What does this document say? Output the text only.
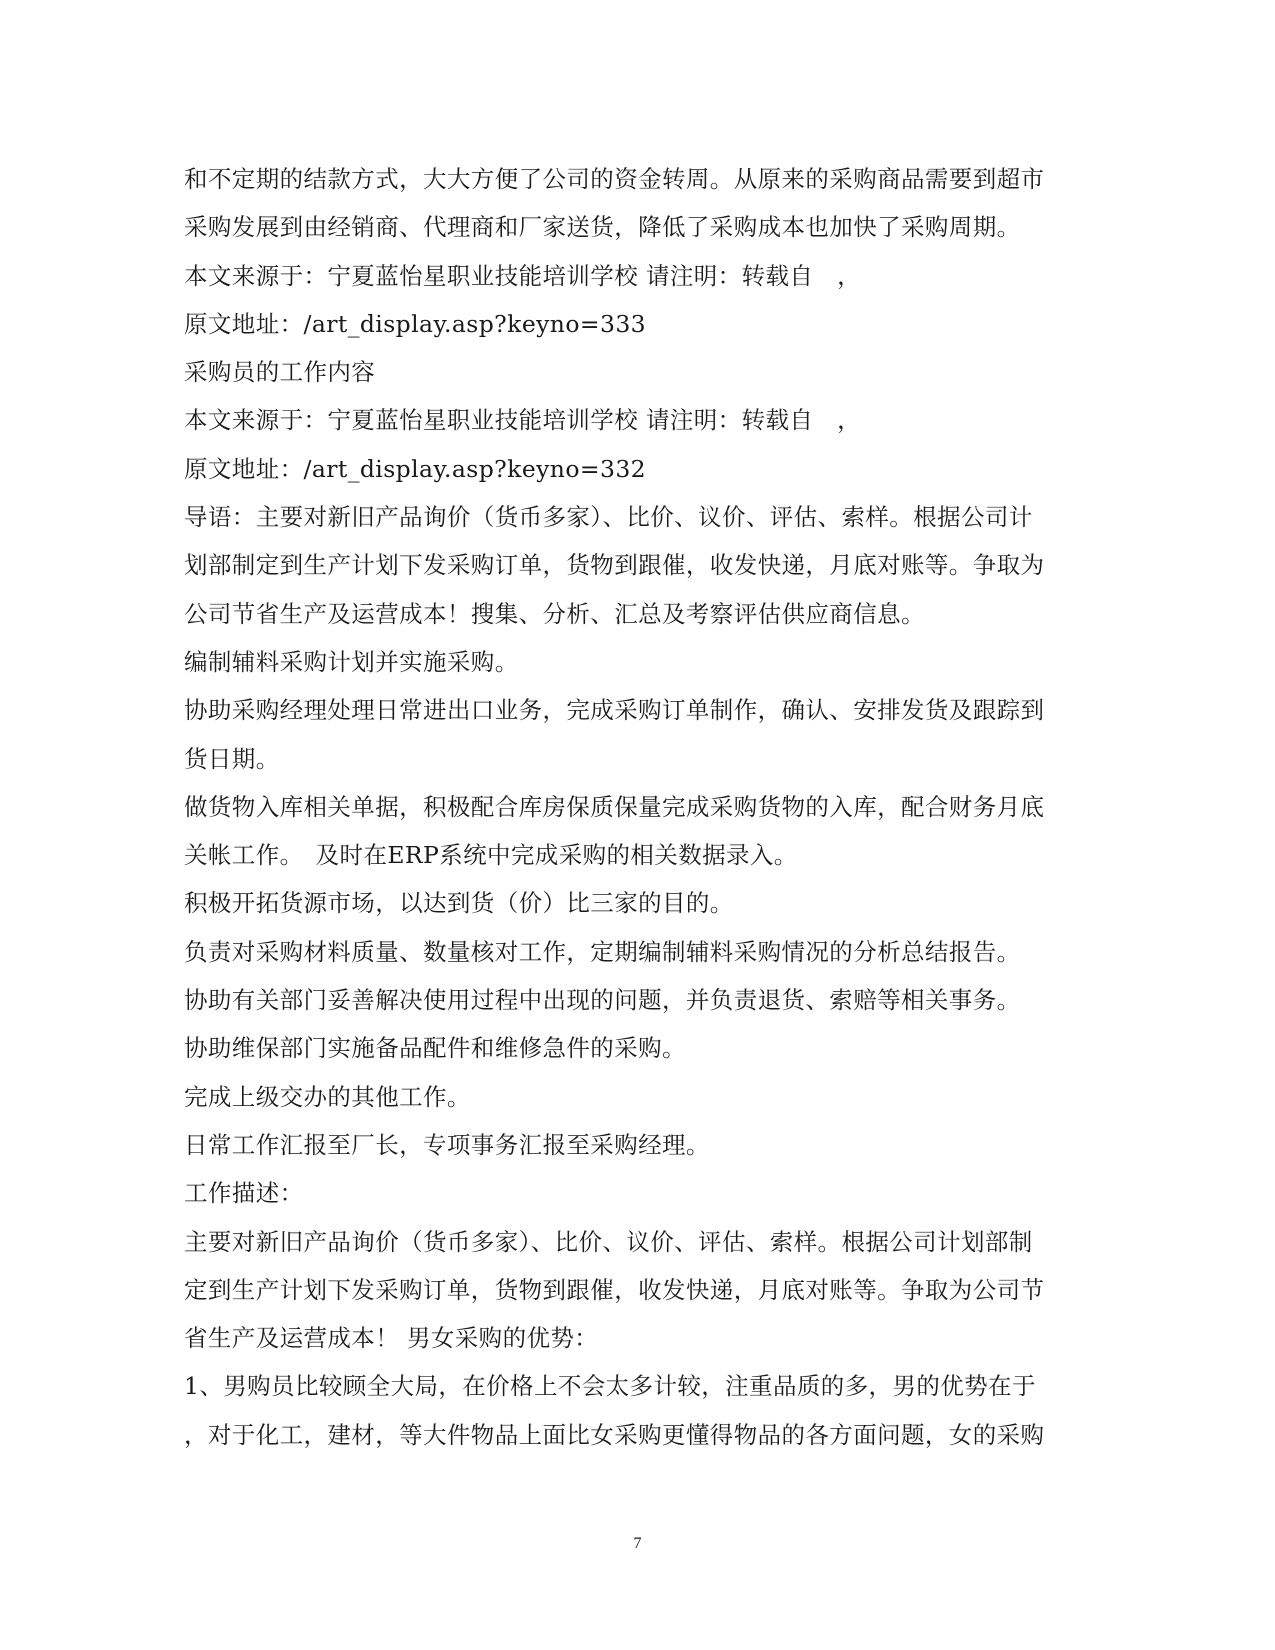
和不定期的结款方式，大大方便了公司的资金转周。从原来的采购商品需要到超市
采购发展到由经销商、代理商和厂家送货，降低了采购成本也加快了采购周期。
本文来源于：宁夏蓝怡星职业技能培训学校 请注明：转载自　，
原文地址：/art_display.asp?keyno=333
采购员的工作内容
本文来源于：宁夏蓝怡星职业技能培训学校 请注明：转载自　，
原文地址：/art_display.asp?keyno=332
导语：主要对新旧产品询价（货币多家）、比价、议价、评估、索样。根据公司计
划部制定到生产计划下发采购订单，货物到跟催，收发快递，月底对账等。争取为
公司节省生产及运营成本！搜集、分析、汇总及考察评估供应商信息。
编制辅料采购计划并实施采购。
协助采购经理处理日常进出口业务，完成采购订单制作，确认、安排发货及跟踪到
货日期。
做货物入库相关单据，积极配合库房保质保量完成采购货物的入库，配合财务月底
关帐工作。　及时在ERP系统中完成采购的相关数据录入。
积极开拓货源市场，以达到货（价）比三家的目的。
负责对采购材料质量、数量核对工作，定期编制辅料采购情况的分析总结报告。
协助有关部门妥善解决使用过程中出现的问题，并负责退货、索赔等相关事务。
协助维保部门实施备品配件和维修急件的采购。
完成上级交办的其他工作。
日常工作汇报至厂长，专项事务汇报至采购经理。
工作描述：
主要对新旧产品询价（货币多家）、比价、议价、评估、索样。根据公司计划部制
定到生产计划下发采购订单，货物到跟催，收发快递，月底对账等。争取为公司节
省生产及运营成本！ 男女采购的优势：
1、男购员比较顾全大局，在价格上不会太多计较，注重品质的多，男的优势在于
，对于化工，建材，等大件物品上面比女采购更懂得物品的各方面问题，女的采购
7
